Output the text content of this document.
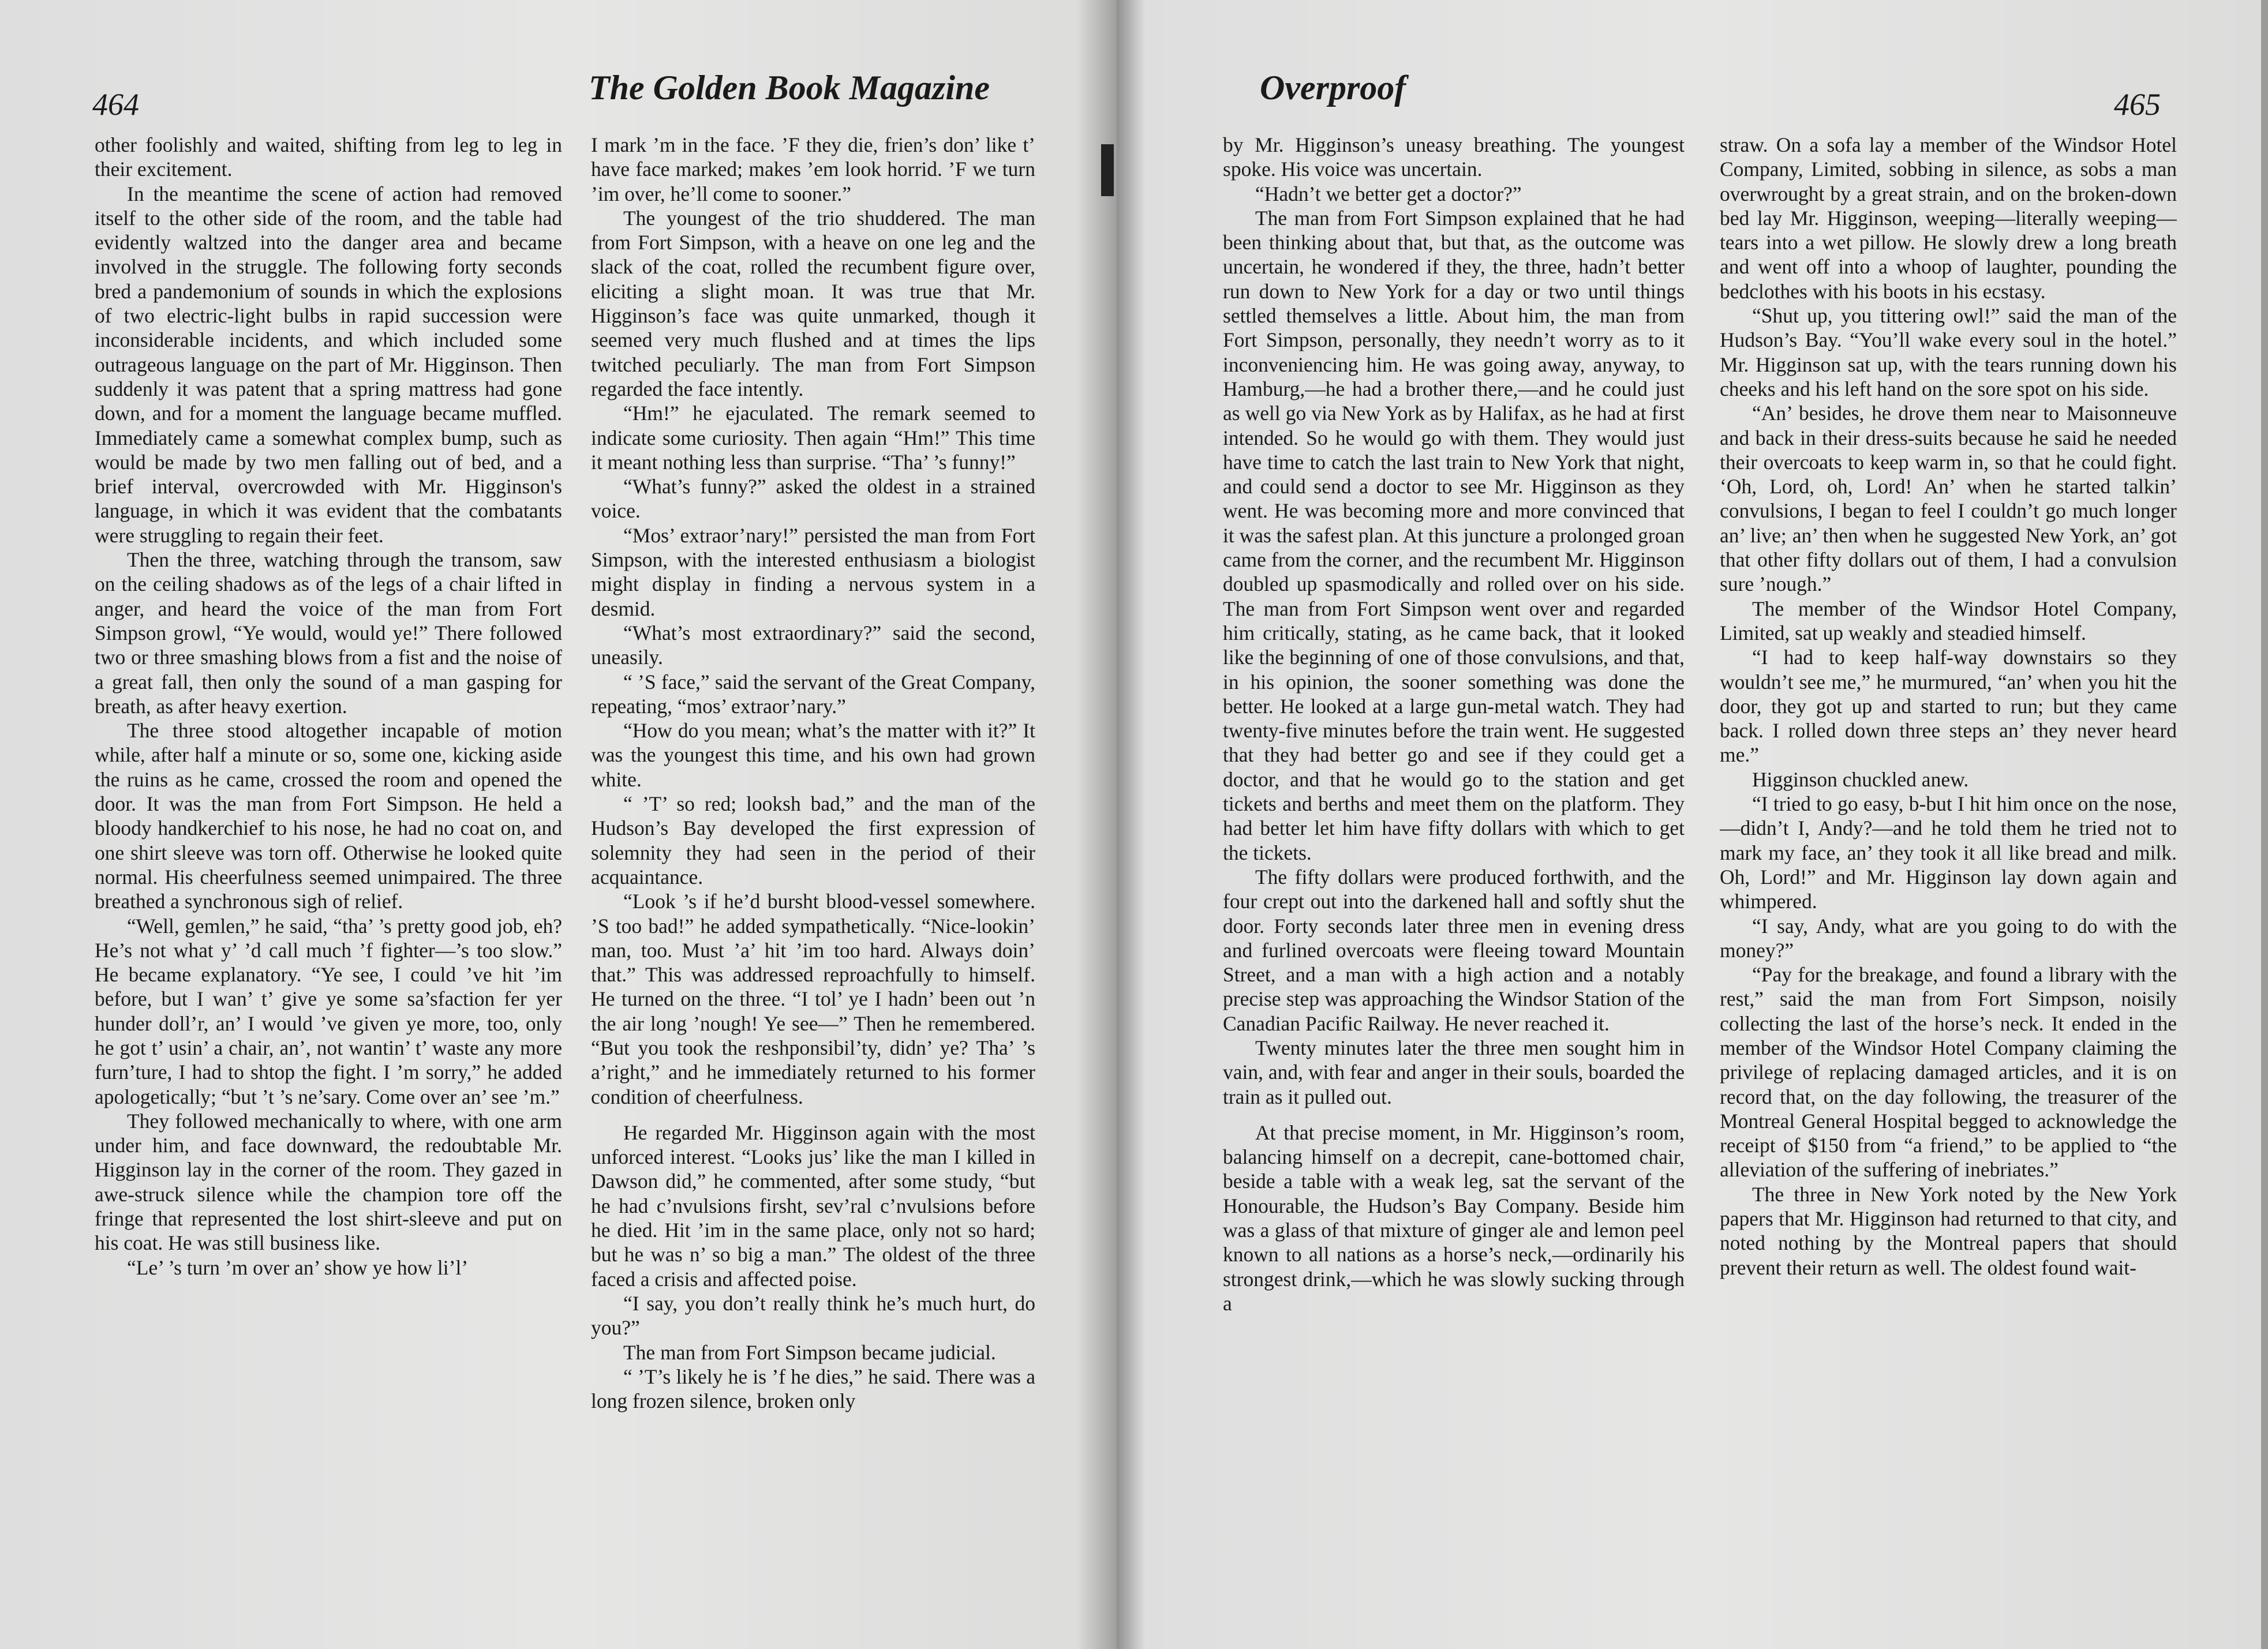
464	The Golden Book Magazine

other foolishly and waited, shifting from leg to leg in their excitement.

In the meantime the scene of action had removed itself to the other side of the room, and the table had evidently waltzed into the danger area and became involved in the struggle. The following forty seconds bred a pandemonium of sounds in which the explosions of two electric-light bulbs in rapid succession were inconsiderable incidents, and which included some outrageous language on the part of Mr. Higginson. Then suddenly it was patent that a spring mattress had gone down, and for a moment the language became muffled. Immediately came a somewhat complex bump, such as would be made by two men falling out of bed, and a brief interval, overcrowded with Mr. Higginson's language, in which it was evident that the combatants were struggling to regain their feet.

Then the three, watching through the transom, saw on the ceiling shadows as of the legs of a chair lifted in anger, and heard the voice of the man from Fort Simpson growl, “Ye would, would ye!” There followed two or three smashing blows from a fist and the noise of a great fall, then only the sound of a man gasping for breath, as after heavy exertion.

The three stood altogether incapable of motion while, after half a minute or so, some one, kicking aside the ruins as he came, crossed the room and opened the door. It was the man from Fort Simpson. He held a bloody handkerchief to his nose, he had no coat on, and one shirt sleeve was torn off. Otherwise he looked quite normal. His cheerfulness seemed unimpaired. The three breathed a synchronous sigh of relief.

“Well, gemlen,” he said, “tha’ ’s pretty good job, eh? He’s not what y’ ’d call much ’f fighter—’s too slow.” He became explanatory. “Ye see, I could ’ve hit ’im before, but I wan’ t’ give ye some sa’sfaction fer yer hunder doll’r, an’ I would ’ve given ye more, too, only he got t’ usin’ a chair, an’, not wantin’ t’ waste any more furn’ture, I had to shtop the fight. I ’m sorry,” he added apologetically; “but ’t ’s ne’sary. Come over an’ see ’m.”

They followed mechanically to where, with one arm under him, and face downward, the redoubtable Mr. Higginson lay in the corner of the room. They gazed in awe-struck silence while the champion tore off the fringe that represented the lost shirt-sleeve and put on his coat. He was still business like.

“Le’ ’s turn ’m over an’ show ye how li’l’

I mark ’m in the face. ’F they die, frien’s don’ like t’ have face marked; makes ’em look horrid. ’F we turn ’im over, he’ll come to sooner.”

The youngest of the trio shuddered. The man from Fort Simpson, with a heave on one leg and the slack of the coat, rolled the recumbent figure over, eliciting a slight moan. It was true that Mr. Higginson’s face was quite unmarked, though it seemed very much flushed and at times the lips twitched peculiarly. The man from Fort Simpson regarded the face intently.

“Hm!” he ejaculated. The remark seemed to indicate some curiosity. Then again “Hm!” This time it meant nothing less than surprise. “Tha’ ’s funny!”

“What’s funny?” asked the oldest in a strained voice.

“Mos’ extraor’nary!” persisted the man from Fort Simpson, with the interested enthusiasm a biologist might display in finding a nervous system in a desmid.

“What’s most extraordinary?” said the second, uneasily.

“ ’S face,” said the servant of the Great Company, repeating, “mos’ extraor’nary.”

“How do you mean; what’s the matter with it?” It was the youngest this time, and his own had grown white.

“ ’T’ so red; looksh bad,” and the man of the Hudson’s Bay developed the first expression of solemnity they had seen in the period of their acquaintance.

“Look ’s if he’d bursht blood-vessel somewhere. ’S too bad!” he added sympathetically. “Nice-lookin’ man, too. Must ’a’ hit ’im too hard. Always doin’ that.” This was addressed reproachfully to himself. He turned on the three. “I tol’ ye I hadn’ been out ’n the air long ’nough! Ye see—” Then he remembered. “But you took the reshponsibil’ty, didn’ ye? Tha’ ’s a’right,” and he immediately returned to his former condition of cheerfulness.

He regarded Mr. Higginson again with the most unforced interest. “Looks jus’ like the man I killed in Dawson did,” he commented, after some study, “but he had c’nvulsions firsht, sev’ral c’nvulsions before he died. Hit ’im in the same place, only not so hard; but he was n’ so big a man.” The oldest of the three faced a crisis and affected poise.

“I say, you don’t really think he’s much hurt, do you?”

The man from Fort Simpson became judicial.

“ ’T’s likely he is ’f he dies,” he said. There was a long frozen silence, broken only

465
Overproof

by Mr. Higginson’s uneasy breathing. The youngest spoke. His voice was uncertain.

“Hadn’t we better get a doctor?”

The man from Fort Simpson explained that he had been thinking about that, but that, as the outcome was uncertain, he wondered if they, the three, hadn’t better run down to New York for a day or two until things settled themselves a little. About him, the man from Fort Simpson, personally, they needn’t worry as to it inconveniencing him. He was going away, anyway, to Hamburg,—he had a brother there,—and he could just as well go via New York as by Halifax, as he had at first intended. So he would go with them. They would just have time to catch the last train to New York that night, and could send a doctor to see Mr. Higginson as they went. He was becoming more and more convinced that it was the safest plan. At this juncture a prolonged groan came from the corner, and the recumbent Mr. Higginson doubled up spasmodically and rolled over on his side. The man from Fort Simpson went over and regarded him critically, stating, as he came back, that it looked like the beginning of one of those convulsions, and that, in his opinion, the sooner something was done the better. He looked at a large gun-metal watch. They had twenty-five minutes before the train went. He suggested that they had better go and see if they could get a doctor, and that he would go to the station and get tickets and berths and meet them on the platform. They had better let him have fifty dollars with which to get the tickets.

The fifty dollars were produced forthwith, and the four crept out into the darkened hall and softly shut the door. Forty seconds later three men in evening dress and furlined overcoats were fleeing toward Mountain Street, and a man with a high action and a notably precise step was approaching the Windsor Station of the Canadian Pacific Railway. He never reached it.

Twenty minutes later the three men sought him in vain, and, with fear and anger in their souls, boarded the train as it pulled out.

At that precise moment, in Mr. Higginson’s room, balancing himself on a decrepit, cane-bottomed chair, beside a table with a weak leg, sat the servant of the Honourable, the Hudson’s Bay Company. Beside him was a glass of that mixture of ginger ale and lemon peel known to all nations as a horse’s neck,—ordinarily his strongest drink,—which he was slowly sucking through a

straw. On a sofa lay a member of the Windsor Hotel Company, Limited, sobbing in silence, as sobs a man overwrought by a great strain, and on the broken-down bed lay Mr. Higginson, weeping—literally weeping—tears into a wet pillow. He slowly drew a long breath and went off into a whoop of laughter, pounding the bedclothes with his boots in his ecstasy.

“Shut up, you tittering owl!” said the man of the Hudson’s Bay. “You’ll wake every soul in the hotel.” Mr. Higginson sat up, with the tears running down his cheeks and his left hand on the sore spot on his side.

“An’ besides, he drove them near to Maisonneuve and back in their dress-suits because he said he needed their overcoats to keep warm in, so that he could fight. ‘Oh, Lord, oh, Lord! An’ when he started talkin’ convulsions, I began to feel I couldn’t go much longer an’ live; an’ then when he suggested New York, an’ got that other fifty dollars out of them, I had a convulsion sure ’nough.”

The member of the Windsor Hotel Company, Limited, sat up weakly and steadied himself.

“I had to keep half-way downstairs so they wouldn’t see me,” he murmured, “an’ when you hit the door, they got up and started to run; but they came back. I rolled down three steps an’ they never heard me.”

Higginson chuckled anew.

“I tried to go easy, b-but I hit him once on the nose,—didn’t I, Andy?—and he told them he tried not to mark my face, an’ they took it all like bread and milk. Oh, Lord!” and Mr. Higginson lay down again and whimpered.

“I say, Andy, what are you going to do with the money?”

“Pay for the breakage, and found a library with the rest,” said the man from Fort Simpson, noisily collecting the last of the horse’s neck. It ended in the member of the Windsor Hotel Company claiming the privilege of replacing damaged articles, and it is on record that, on the day following, the treasurer of the Montreal General Hospital begged to acknowledge the receipt of $150 from “a friend,” to be applied to “the alleviation of the suffering of inebriates.”

The three in New York noted by the New York papers that Mr. Higginson had returned to that city, and noted nothing by the Montreal papers that should prevent their return as well. The oldest found wait-
